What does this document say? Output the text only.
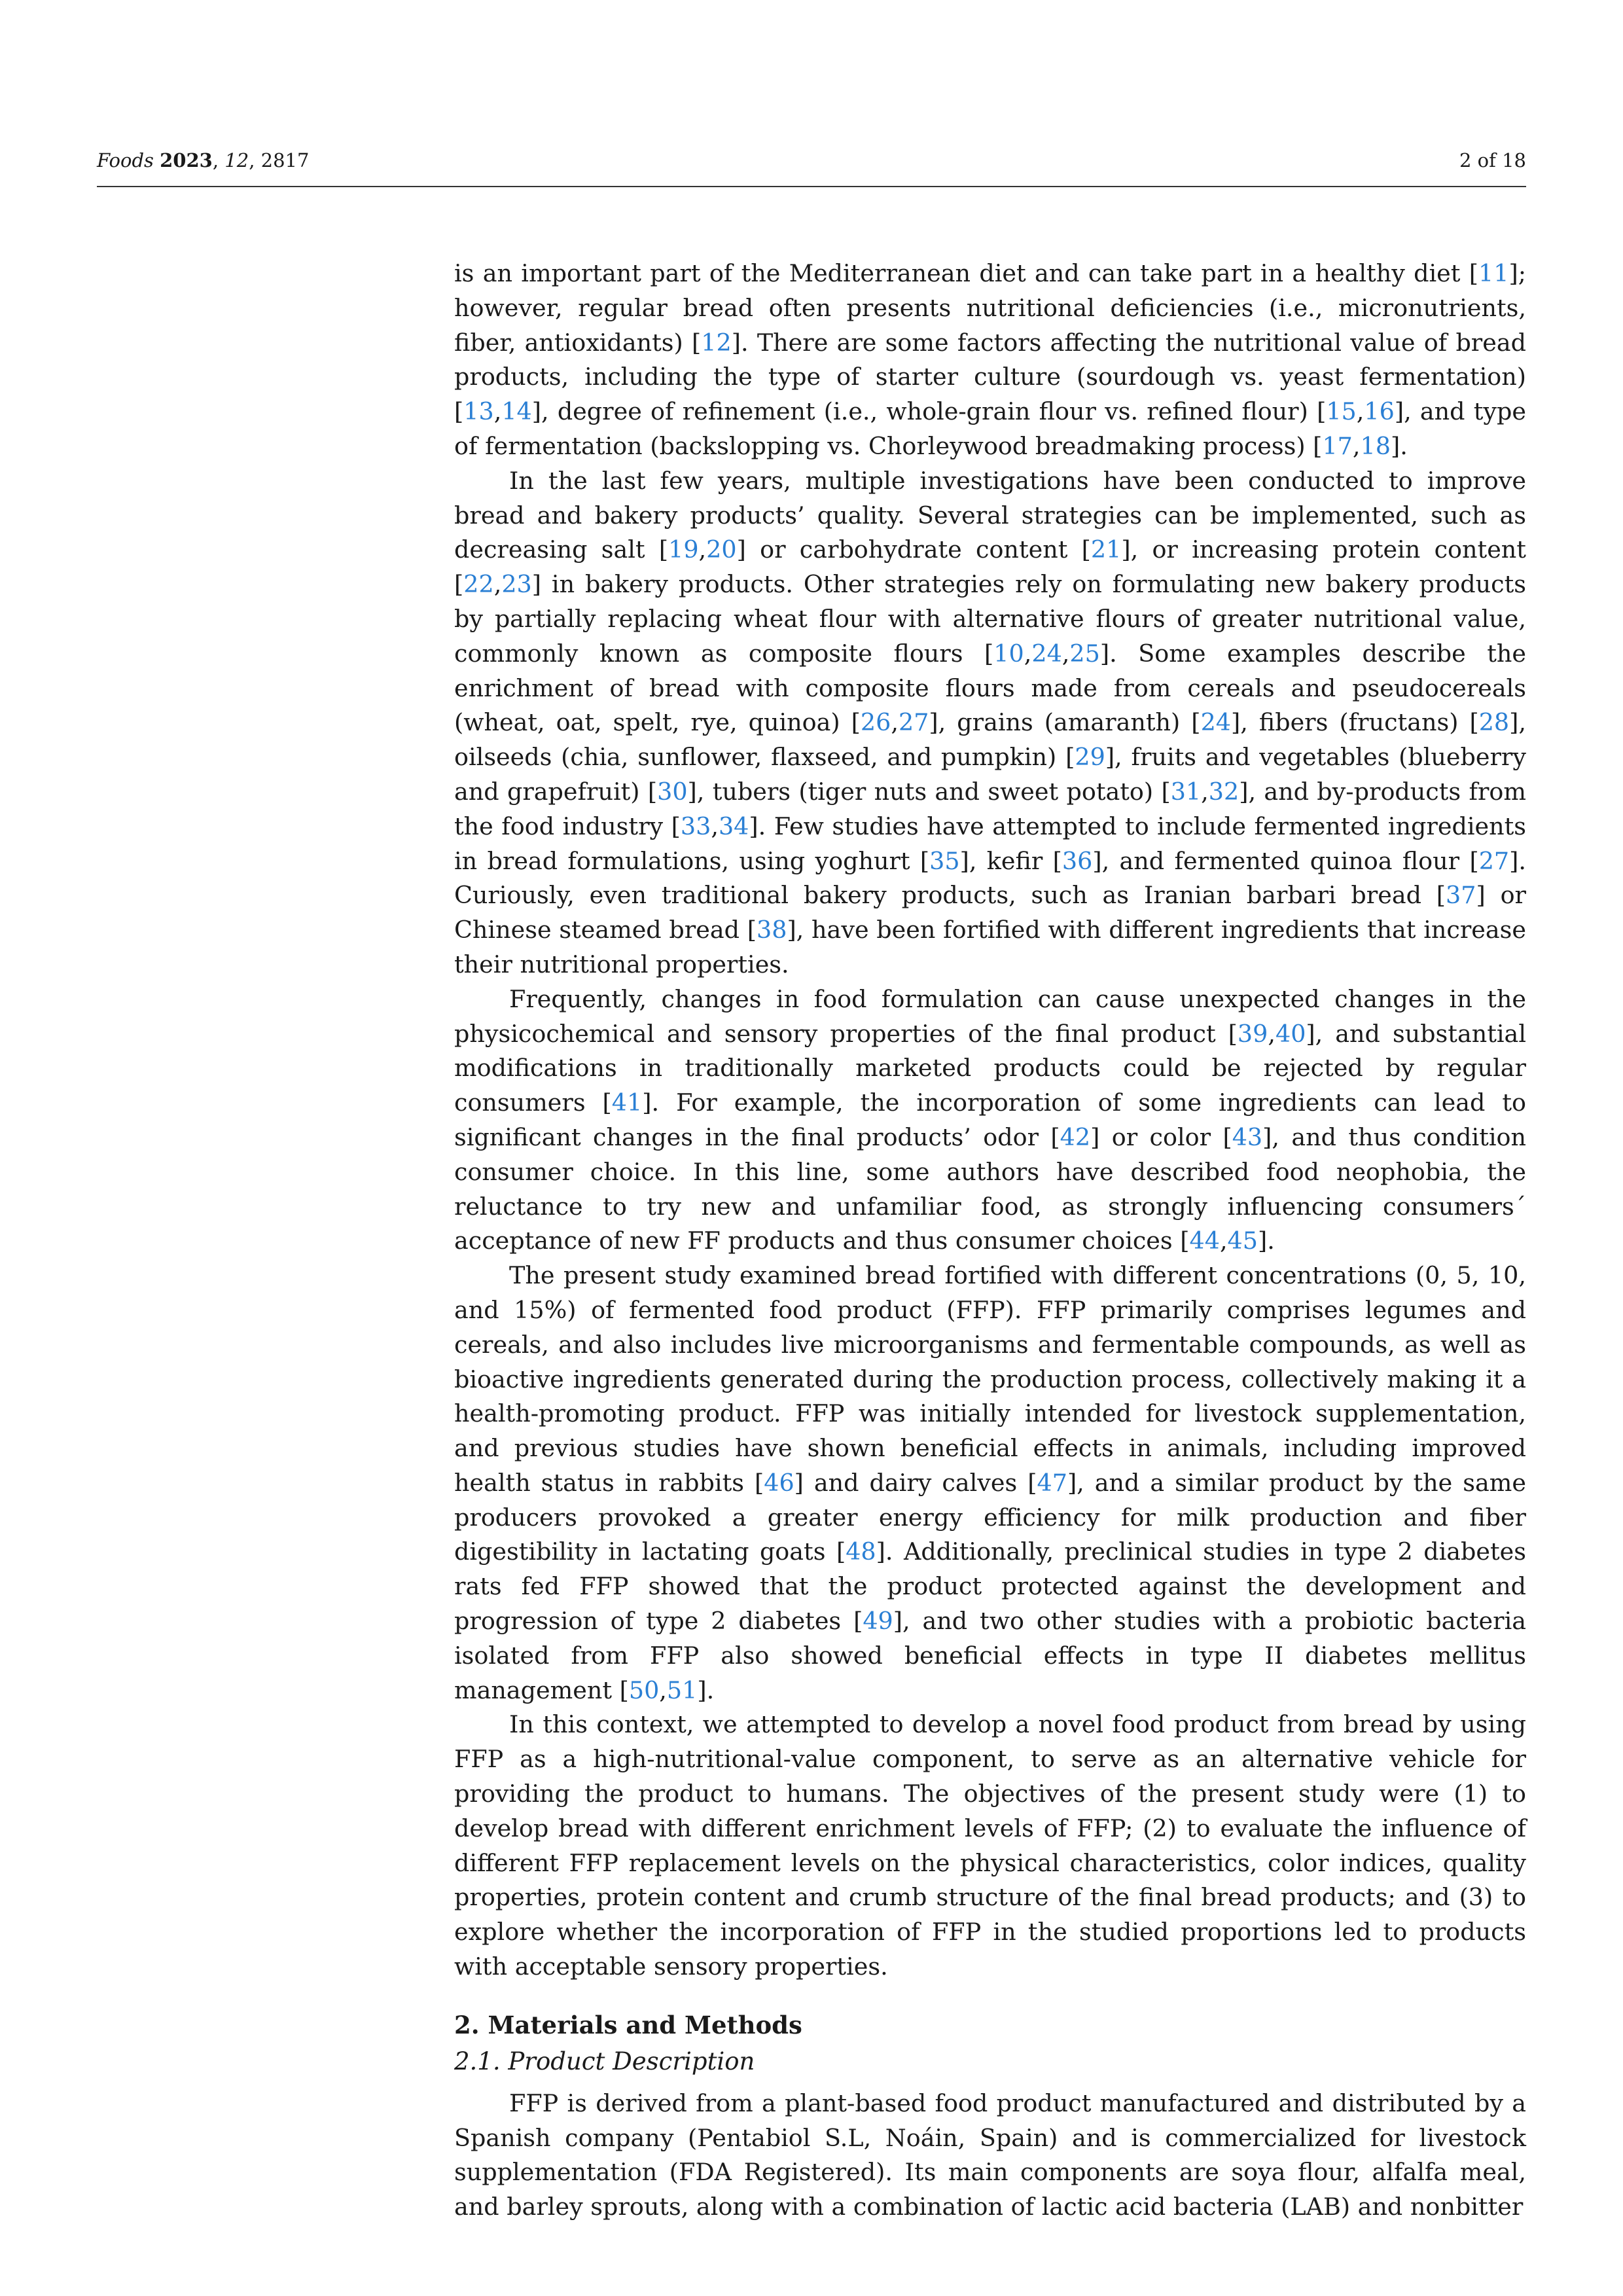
Foods 2023, 12, 2817	2 of 18

is an important part of the Mediterranean diet and can take part in a healthy diet [11]; however, regular bread often presents nutritional deficiencies (i.e., micronutrients, fiber, antioxidants) [12]. There are some factors affecting the nutritional value of bread products, including the type of starter culture (sourdough vs. yeast fermentation) [13,14], degree of refinement (i.e., whole-grain flour vs. refined flour) [15,16], and type of fermentation (backslopping vs. Chorleywood breadmaking process) [17,18].

In the last few years, multiple investigations have been conducted to improve bread and bakery products’ quality. Several strategies can be implemented, such as decreasing salt [19,20] or carbohydrate content [21], or increasing protein content [22,23] in bakery products. Other strategies rely on formulating new bakery products by partially replacing wheat flour with alternative flours of greater nutritional value, commonly known as composite flours [10,24,25]. Some examples describe the enrichment of bread with composite flours made from cereals and pseudocereals (wheat, oat, spelt, rye, quinoa) [26,27], grains (amaranth) [24], fibers (fructans) [28], oilseeds (chia, sunflower, flaxseed, and pumpkin) [29], fruits and vegetables (blueberry and grapefruit) [30], tubers (tiger nuts and sweet potato) [31,32], and by-products from the food industry [33,34]. Few studies have attempted to include fermented ingredients in bread formulations, using yoghurt [35], kefir [36], and fermented quinoa flour [27]. Curiously, even traditional bakery products, such as Iranian barbari bread [37] or Chinese steamed bread [38], have been fortified with different ingredients that increase their nutritional properties.

Frequently, changes in food formulation can cause unexpected changes in the physicochemical and sensory properties of the final product [39,40], and substantial modifications in traditionally marketed products could be rejected by regular consumers [41]. For example, the incorporation of some ingredients can lead to significant changes in the final products’ odor [42] or color [43], and thus condition consumer choice. In this line, some authors have described food neophobia, the reluctance to try new and unfamiliar food, as strongly influencing consumers´ acceptance of new FF products and thus consumer choices [44,45].

The present study examined bread fortified with different concentrations (0, 5, 10, and 15%) of fermented food product (FFP). FFP primarily comprises legumes and cereals, and also includes live microorganisms and fermentable compounds, as well as bioactive ingredients generated during the production process, collectively making it a health-promoting product. FFP was initially intended for livestock supplementation, and previous studies have shown beneficial effects in animals, including improved health status in rabbits [46] and dairy calves [47], and a similar product by the same producers provoked a greater energy efficiency for milk production and fiber digestibility in lactating goats [48]. Additionally, preclinical studies in type 2 diabetes rats fed FFP showed that the product protected against the development and progression of type 2 diabetes [49], and two other studies with a probiotic bacteria isolated from FFP also showed beneficial effects in type II diabetes mellitus management [50,51].

In this context, we attempted to develop a novel food product from bread by using FFP as a high-nutritional-value component, to serve as an alternative vehicle for providing the product to humans. The objectives of the present study were (1) to develop bread with different enrichment levels of FFP; (2) to evaluate the influence of different FFP replacement levels on the physical characteristics, color indices, quality properties, protein content and crumb structure of the final bread products; and (3) to explore whether the incorporation of FFP in the studied proportions led to products with acceptable sensory properties.

2. Materials and Methods
2.1. Product Description

FFP is derived from a plant-based food product manufactured and distributed by a Spanish company (Pentabiol S.L, Noáin, Spain) and is commercialized for livestock supplementation (FDA Registered). Its main components are soya flour, alfalfa meal, and barley sprouts, along with a combination of lactic acid bacteria (LAB) and nonbitter
